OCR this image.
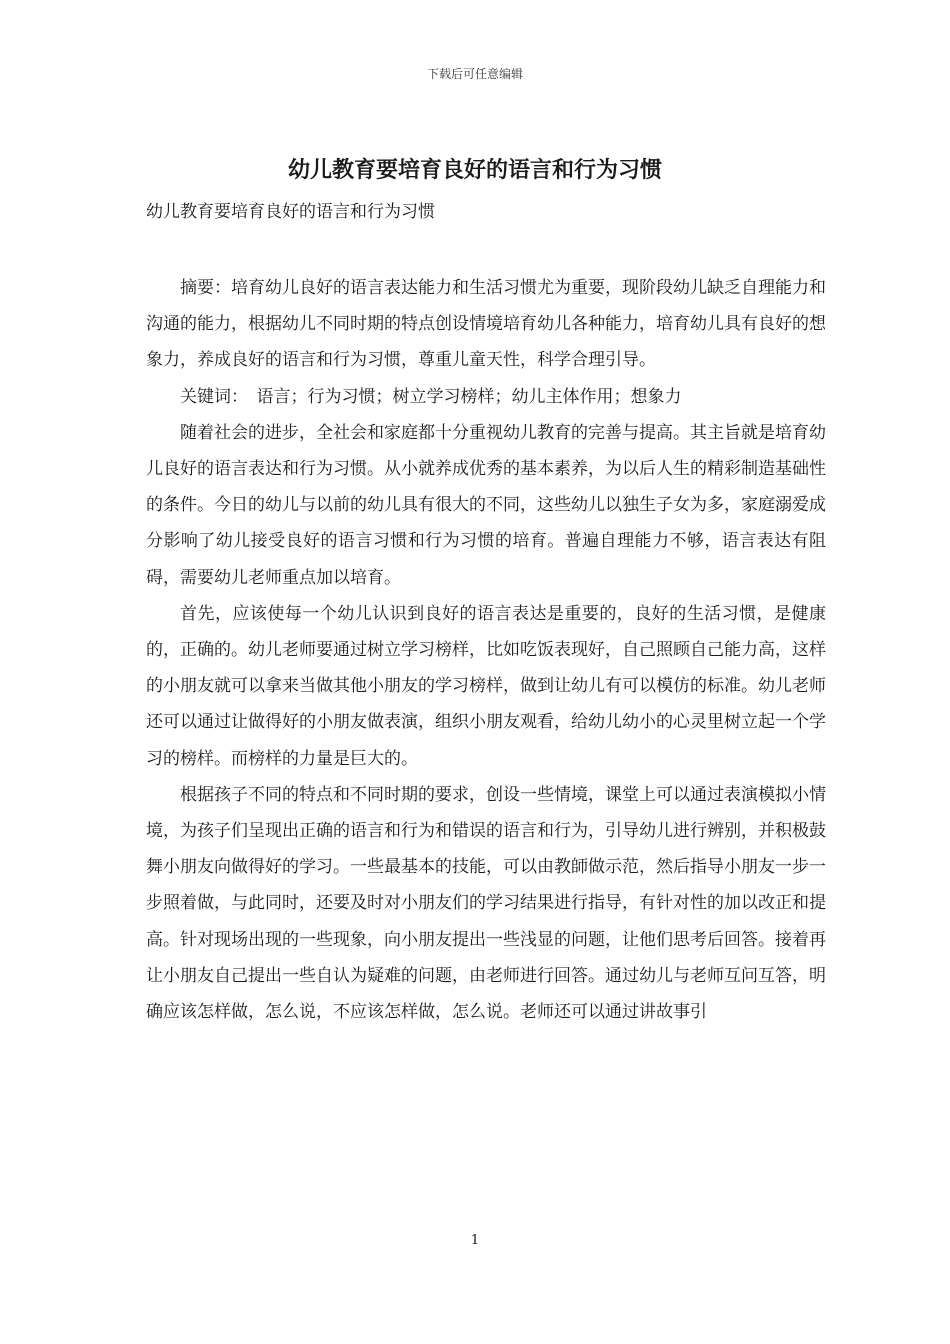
下载后可任意编辑
幼儿教育要培育良好的语言和行为习惯
幼儿教育要培育良好的语言和行为习惯

摘要：培育幼儿良好的语言表达能力和生活习惯尤为重要，现阶段幼儿缺乏自理能力和沟通的能力，根据幼儿不同时期的特点创设情境培育幼儿各种能力，培育幼儿具有良好的想象力，养成良好的语言和行为习惯，尊重儿童天性，科学合理引导。

关键词：　语言；行为习惯；树立学习榜样；幼儿主体作用；想象力

随着社会的进步，全社会和家庭都十分重视幼儿教育的完善与提高。其主旨就是培育幼儿良好的语言表达和行为习惯。从小就养成优秀的基本素养，为以后人生的精彩制造基础性的条件。今日的幼儿与以前的幼儿具有很大的不同，这些幼儿以独生子女为多，家庭溺爱成分影响了幼儿接受良好的语言习惯和行为习惯的培育。普遍自理能力不够，语言表达有阻碍，需要幼儿老师重点加以培育。

首先，应该使每一个幼儿认识到良好的语言表达是重要的，良好的生活习惯，是健康的，正确的。幼儿老师要通过树立学习榜样，比如吃饭表现好，自己照顾自己能力高，这样的小朋友就可以拿来当做其他小朋友的学习榜样，做到让幼儿有可以模仿的标准。幼儿老师还可以通过让做得好的小朋友做表演，组织小朋友观看，给幼儿幼小的心灵里树立起一个学习的榜样。而榜样的力量是巨大的。

根据孩子不同的特点和不同时期的要求，创设一些情境，课堂上可以通过表演模拟小情境，为孩子们呈现出正确的语言和行为和错误的语言和行为，引导幼儿进行辨别，并积极鼓舞小朋友向做得好的学习。一些最基本的技能，可以由教師做示范，然后指导小朋友一步一步照着做，与此同时，还要及时对小朋友们的学习结果进行指导，有针对性的加以改正和提高。针对现场出现的一些现象，向小朋友提出一些浅显的问题，让他们思考后回答。接着再让小朋友自己提出一些自认为疑难的问题，由老师进行回答。通过幼儿与老师互问互答，明确应该怎样做，怎么说，不应该怎样做，怎么说。老师还可以通过讲故事引

1
